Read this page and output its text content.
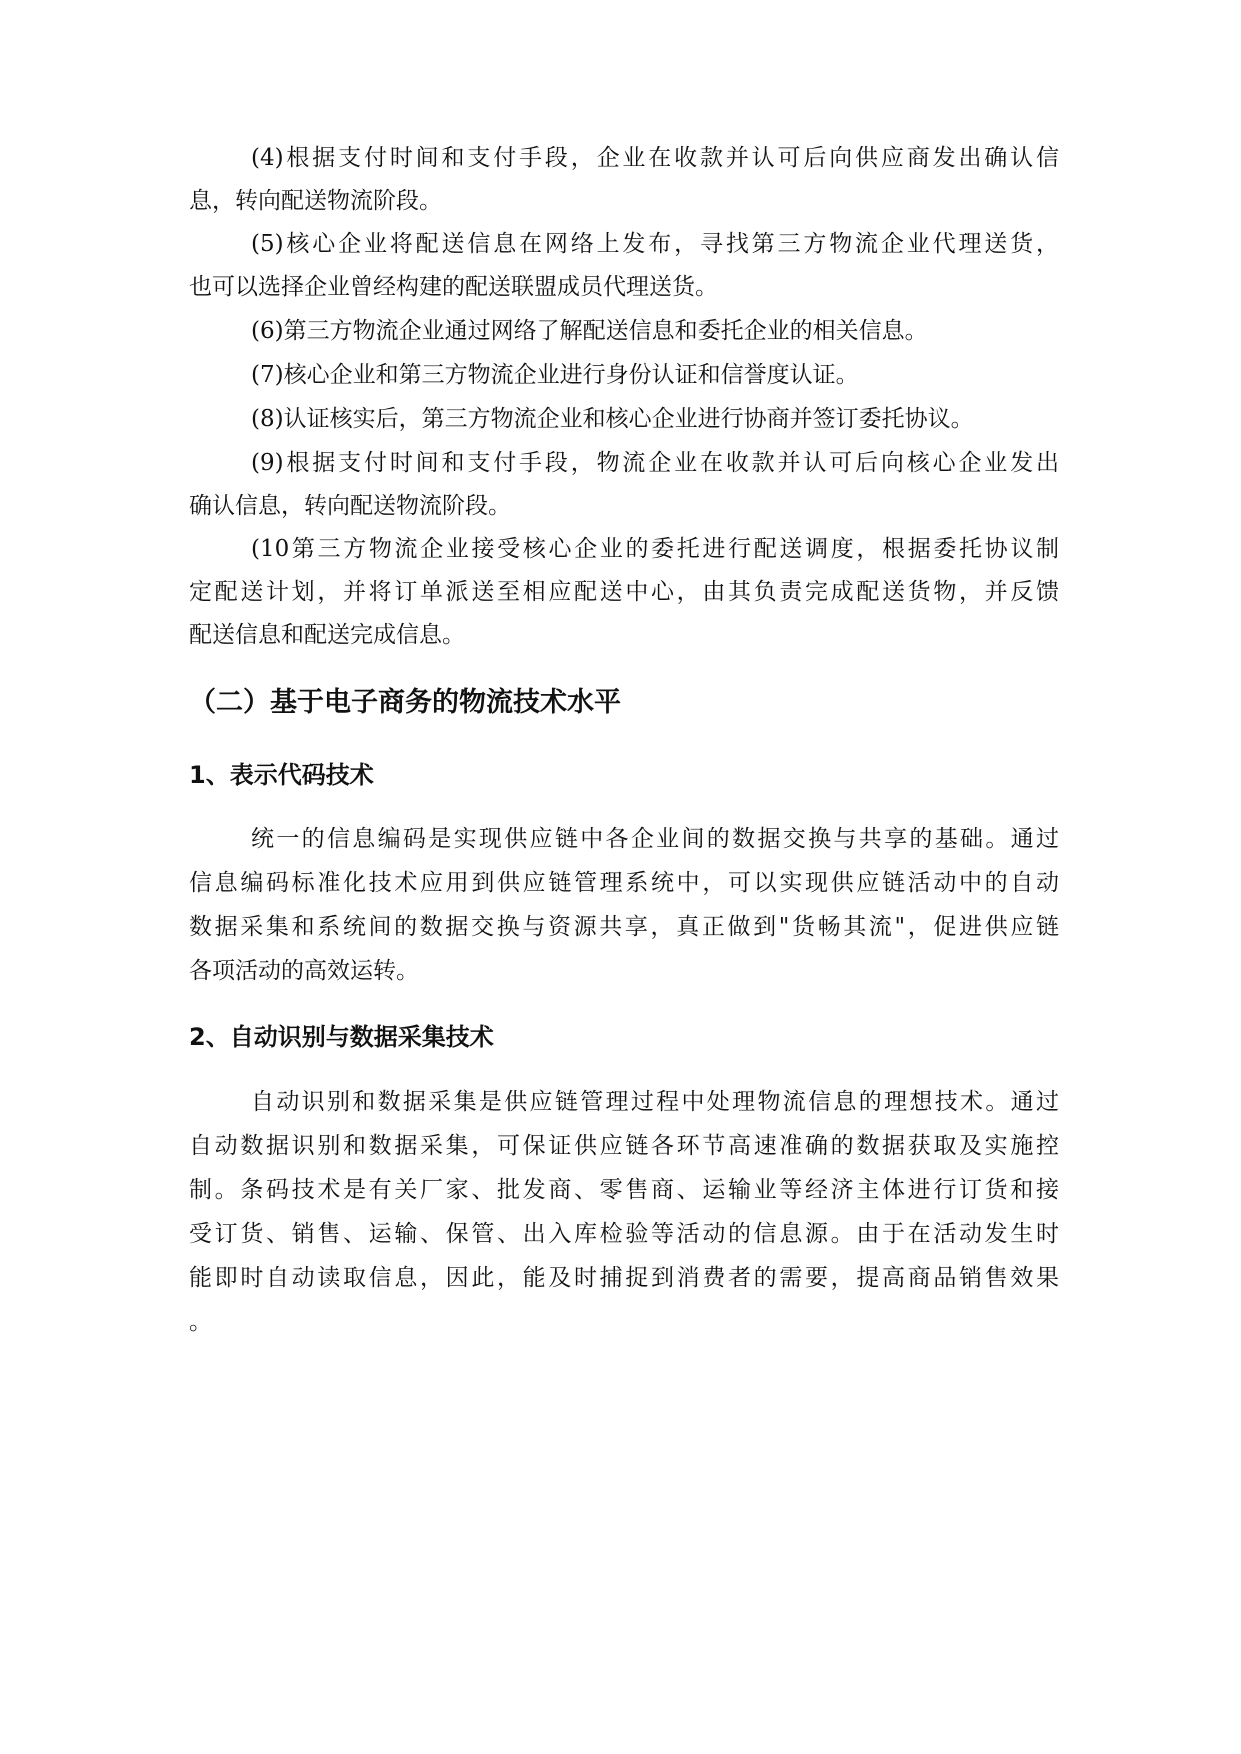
(4)根据支付时间和支付手段，企业在收款并认可后向供应商发出确认信
息，转向配送物流阶段。
(5)核心企业将配送信息在网络上发布，寻找第三方物流企业代理送货，
也可以选择企业曾经构建的配送联盟成员代理送货。
(6)第三方物流企业通过网络了解配送信息和委托企业的相关信息。
(7)核心企业和第三方物流企业进行身份认证和信誉度认证。
(8)认证核实后，第三方物流企业和核心企业进行协商并签订委托协议。
(9)根据支付时间和支付手段，物流企业在收款并认可后向核心企业发出
确认信息，转向配送物流阶段。
(10第三方物流企业接受核心企业的委托进行配送调度，根据委托协议制
定配送计划，并将订单派送至相应配送中心，由其负责完成配送货物，并反馈
配送信息和配送完成信息。
（二）基于电子商务的物流技术水平
1、表示代码技术
统一的信息编码是实现供应链中各企业间的数据交换与共享的基础。通过
信息编码标准化技术应用到供应链管理系统中，可以实现供应链活动中的自动
数据采集和系统间的数据交换与资源共享，真正做到"货畅其流"，促进供应链
各项活动的高效运转。
2、自动识别与数据采集技术
自动识别和数据采集是供应链管理过程中处理物流信息的理想技术。通过
自动数据识别和数据采集，可保证供应链各环节高速准确的数据获取及实施控
制。条码技术是有关厂家、批发商、零售商、运输业等经济主体进行订货和接
受订货、销售、运输、保管、出入库检验等活动的信息源。由于在活动发生时
能即时自动读取信息，因此，能及时捕捉到消费者的需要，提高商品销售效果
。
